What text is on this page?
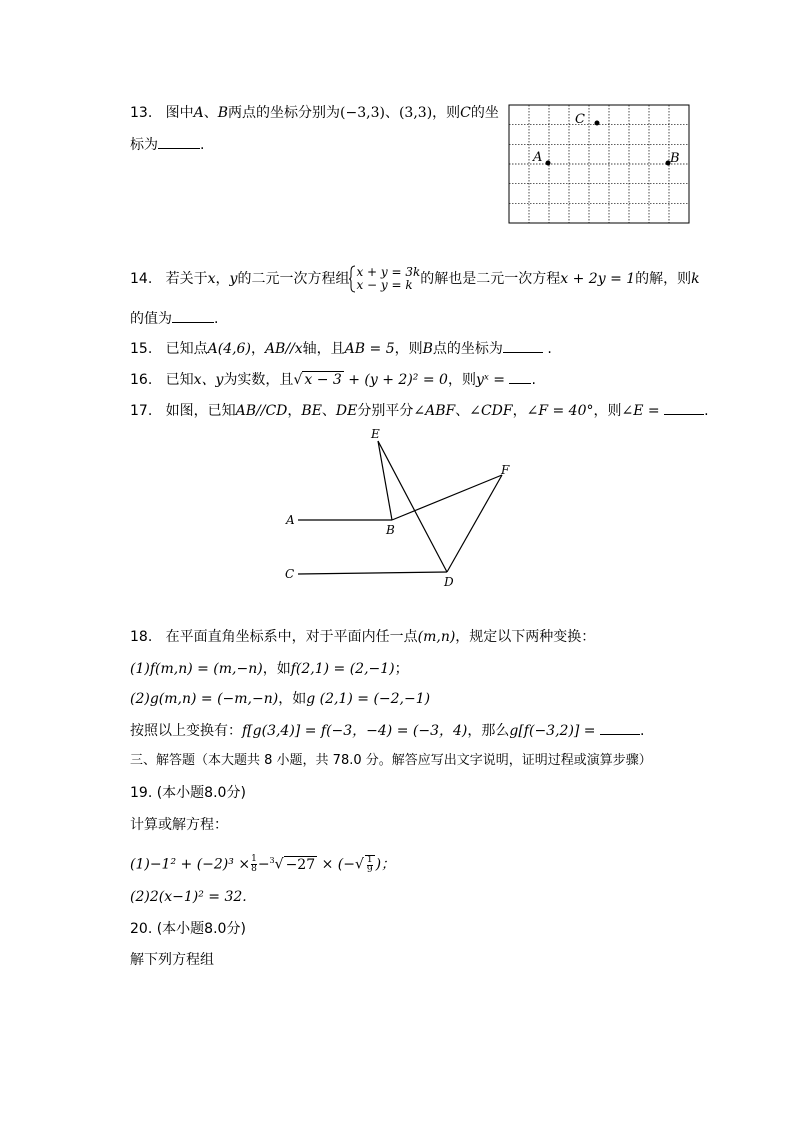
13. 图中A、B两点的坐标分别为(−3,3)、(3,3)，则C的坐
标为	.
C
A	B
14. 若关于x，y的二元一次方程组 x + y = 3k
x − y = k 的解也是二元一次方程x + 2y = 1的解，则k
的值为	.
15. 已知点A(4,6)，AB//x轴，且AB = 5，则B点的坐标为	.
16. 已知x、y为实数，且√ x − 3 + (y + 2)² = 0，则yˣ = .
17. 如图，已知AB//CD，BE、DE分别平分∠ABF、∠CDF，∠F = 40°，则∠E =	.
A
B
C
D
E
F
18. 在平面直角坐标系中，对于平面内任一点(m,n)，规定以下两种变换：
(1)f(m,n) = (m,−n)，如f(2,1) = (2,−1)；
(2)g(m,n) = (−m,−n)，如g (2,1) = (−2,−1)
按照以上变换有：f[g(3,4)] = f(−3，−4) = (−3，4)，那么g[f(−3,2)] =	.
三、解答题（本大题共 8 小题，共 78.0 分。解答应写出文字说明，证明过程或演算步骤）
19. (本小题8.0分)
计算或解方程：
$(1)-1^2 + (-2)^3 \times \frac{1}{8} -^3√ -27$ × (−√ $\frac{1}{9}$ )；
(2)2(x−1)² = 32.
20. (本小题8.0分)
解下列方程组
